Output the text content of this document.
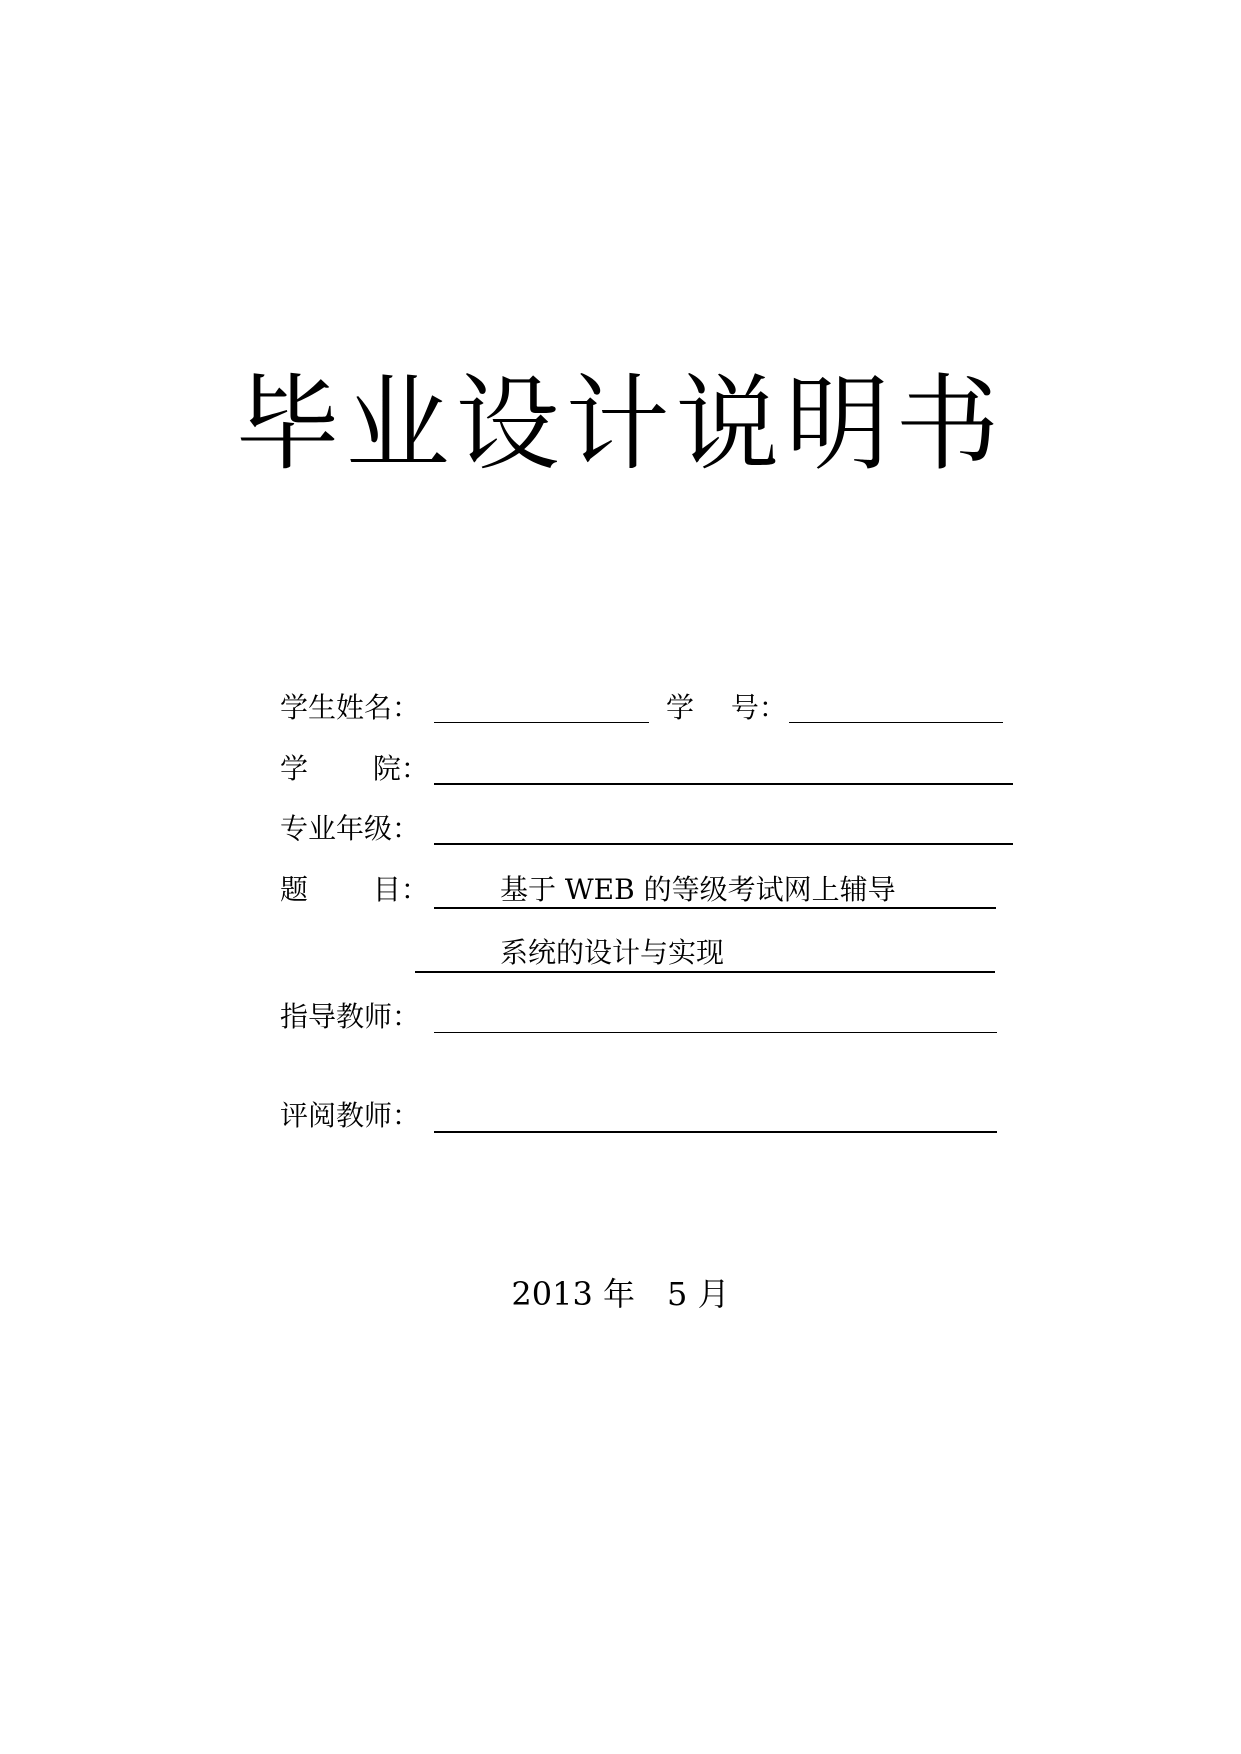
毕业设计说明书
学生姓名：	学　 号：
学　　 院：
专业年级：
题　　 目：	基于 WEB 的等级考试网上辅导
系统的设计与实现
指导教师：
评阅教师：
2013 年　5 月
